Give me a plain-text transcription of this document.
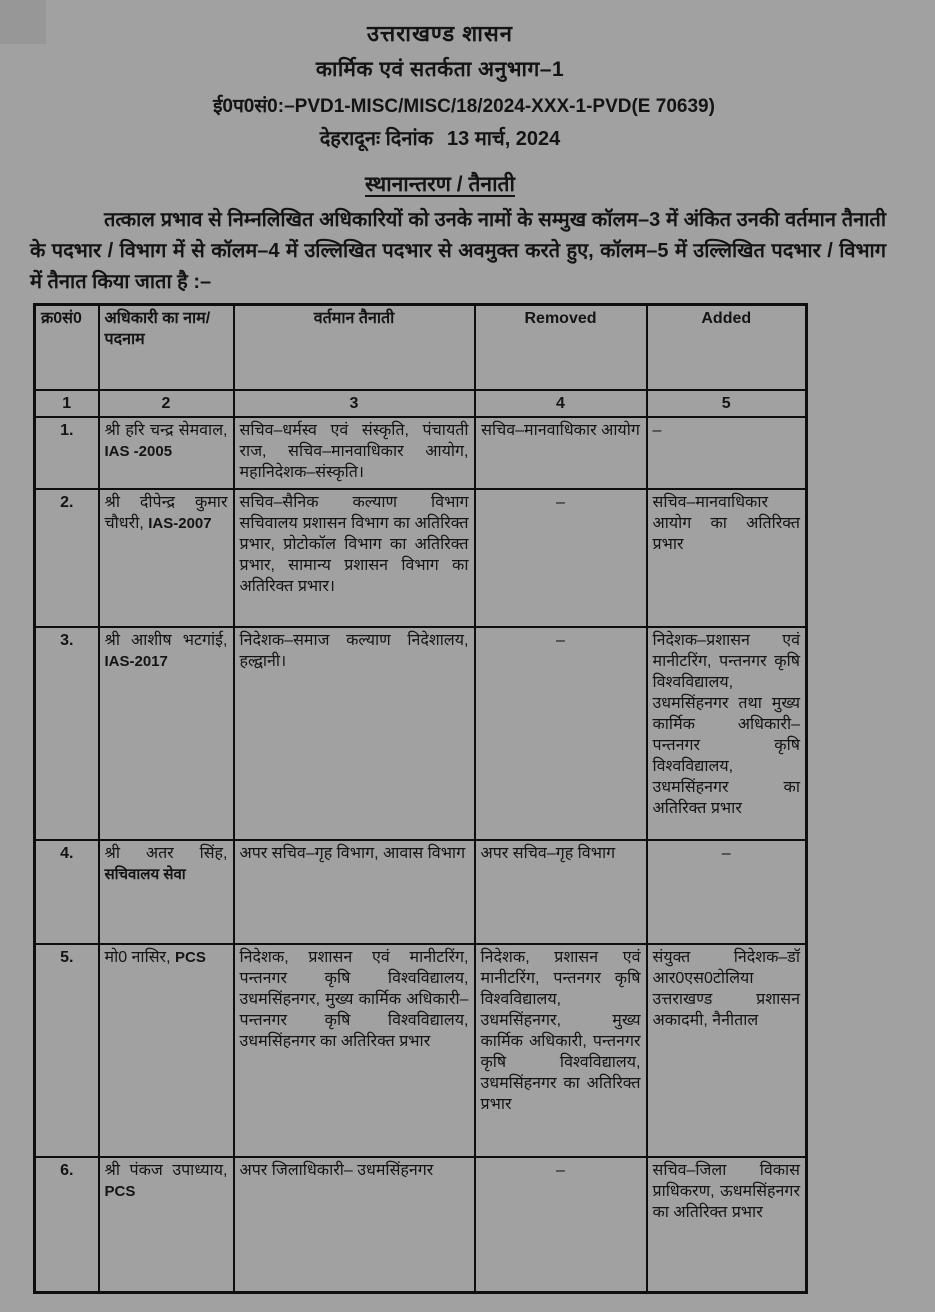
उत्तराखण्ड शासन
कार्मिक एवं सतर्कता अनुभाग–1
ई0प0सं0:–PVD1-MISC/MISC/18/2024-XXX-1-PVD(E 70639)
देहरादूनः दिनांक 13 मार्च, 2024
स्थानान्तरण / तैनाती

तत्काल प्रभाव से निम्नलिखित अधिकारियों को उनके नामों के सम्मुख कॉलम–3 में अंकित उनकी वर्तमान तैनाती के पदभार / विभाग में से कॉलम–4 में उल्लिखित पदभार से अवमुक्त करते हुए, कॉलम–5 में उल्लिखित पदभार / विभाग में तैनात किया जाता है :–

क्र0सं0	अधिकारी का नाम/ पदनाम	वर्तमान तैनाती	Removed	Added
1	2	3	4	5
1.	श्री हरि चन्द्र सेमवाल, IAS -2005	सचिव–धर्मस्व एवं संस्कृति, पंचायती राज, सचिव–मानवाधिकार आयोग, महानिदेशक–संस्कृति।	सचिव–मानवाधिकार आयोग	–
2.	श्री दीपेन्द्र कुमार चौधरी, IAS-2007	सचिव–सैनिक कल्याण विभाग सचिवालय प्रशासन विभाग का अतिरिक्त प्रभार, प्रोटोकॉल विभाग का अतिरिक्त प्रभार, सामान्य प्रशासन विभाग का अतिरिक्त प्रभार।	–	सचिव–मानवाधिकार आयोग का अतिरिक्त प्रभार
3.	श्री आशीष भटगांई, IAS-2017	निदेशक–समाज कल्याण निदेशालय, हल्द्वानी।	–	निदेशक–प्रशासन एवं मानीटरिंग, पन्तनगर कृषि विश्वविद्यालय, उधमसिंहनगर तथा मुख्य कार्मिक अधिकारी– पन्तनगर कृषि विश्वविद्यालय, उधमसिंहनगर का अतिरिक्त प्रभार
4.	श्री अतर सिंह, सचिवालय सेवा	अपर सचिव–गृह विभाग, आवास विभाग	अपर सचिव–गृह विभाग	–
5.	मो0 नासिर, PCS	निदेशक, प्रशासन एवं मानीटरिंग, पन्तनगर कृषि विश्वविद्यालय, उधमसिंहनगर, मुख्य कार्मिक अधिकारी–पन्तनगर कृषि विश्वविद्यालय, उधमसिंहनगर का अतिरिक्त प्रभार	निदेशक, प्रशासन एवं मानीटरिंग, पन्तनगर कृषि विश्वविद्यालय, उधमसिंहनगर, मुख्य कार्मिक अधिकारी, पन्तनगर कृषि विश्वविद्यालय, उधमसिंहनगर का अतिरिक्त प्रभार	संयुक्त निदेशक–डॉ आर0एस0टोलिया उत्तराखण्ड प्रशासन अकादमी, नैनीताल
6.	श्री पंकज उपाध्याय, PCS	अपर जिलाधिकारी– उधमसिंहनगर	–	सचिव–जिला विकास प्राधिकरण, ऊधमसिंहनगर का अतिरिक्त प्रभार
